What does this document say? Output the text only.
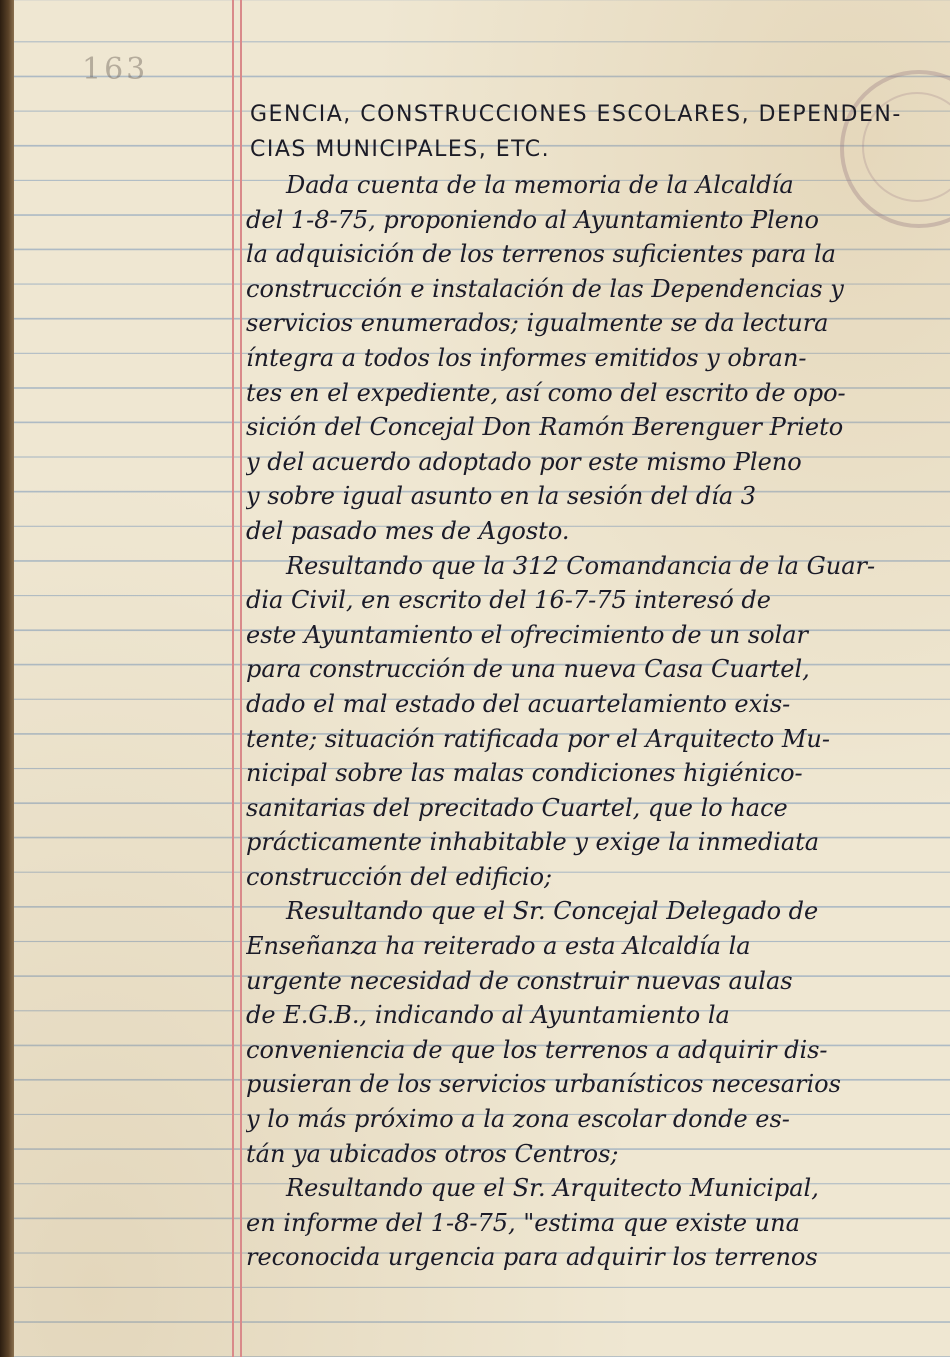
163
GENCIA, CONSTRUCCIONES ESCOLARES, DEPENDEN-
CIAS MUNICIPALES, ETC.
Dada cuenta de la memoria de la Alcaldía
del 1-8-75, proponiendo al Ayuntamiento Pleno
la adquisición de los terrenos suficientes para la
construcción e instalación de las Dependencias y
servicios enumerados; igualmente se da lectura
íntegra a todos los informes emitidos y obran-
tes en el expediente, así como del escrito de opo-
sición del Concejal Don Ramón Berenguer Prieto
y del acuerdo adoptado por este mismo Pleno
y sobre igual asunto en la sesión del día 3
del pasado mes de Agosto.
Resultando que la 312 Comandancia de la Guar-
dia Civil, en escrito del 16-7-75 interesó de
este Ayuntamiento el ofrecimiento de un solar
para construcción de una nueva Casa Cuartel,
dado el mal estado del acuartelamiento exis-
tente; situación ratificada por el Arquitecto Mu-
nicipal sobre las malas condiciones higiénico-
sanitarias del precitado Cuartel, que lo hace
prácticamente inhabitable y exige la inmediata
construcción del edificio;
Resultando que el Sr. Concejal Delegado de
Enseñanza ha reiterado a esta Alcaldía la
urgente necesidad de construir nuevas aulas
de E.G.B., indicando al Ayuntamiento la
conveniencia de que los terrenos a adquirir dis-
pusieran de los servicios urbanísticos necesarios
y lo más próximo a la zona escolar donde es-
tán ya ubicados otros Centros;
Resultando que el Sr. Arquitecto Municipal,
en informe del 1-8-75, "estima que existe una
reconocida urgencia para adquirir los terrenos
